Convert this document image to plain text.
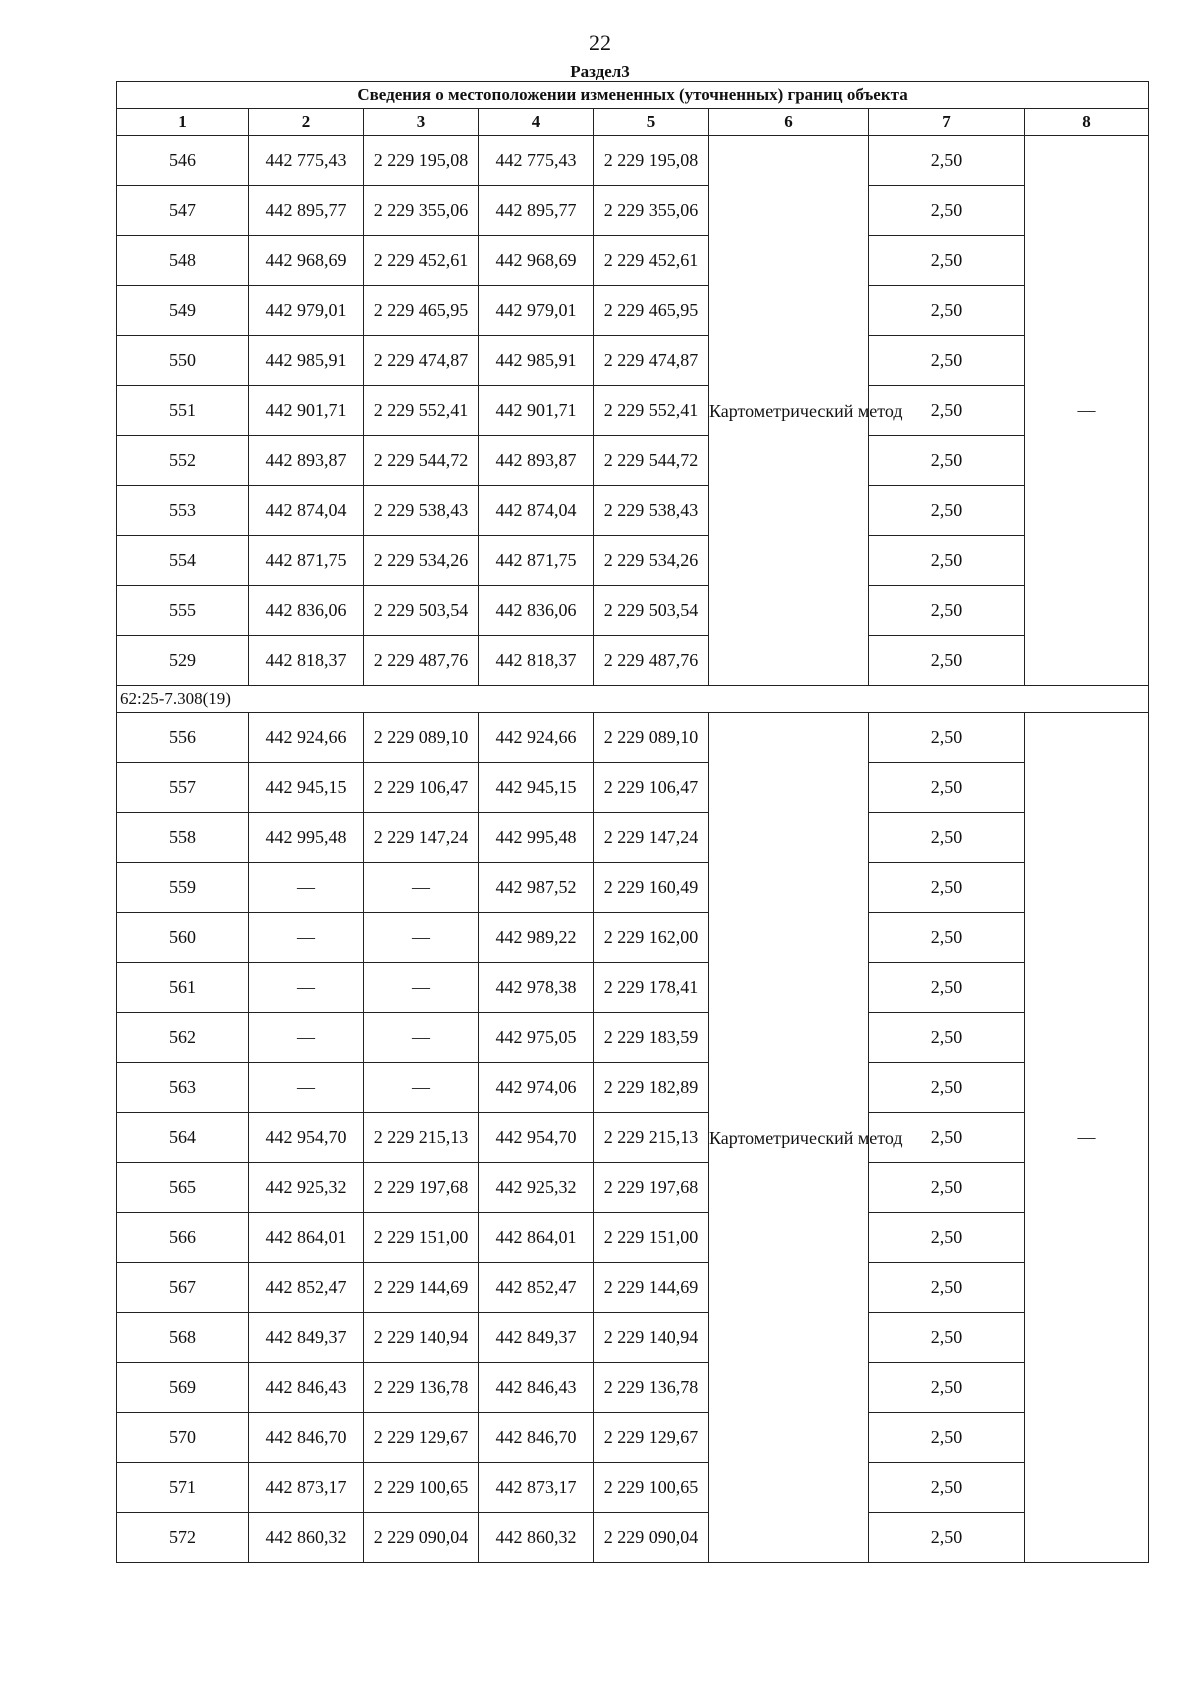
22
Раздел3
Сведения о местоположении измененных (уточненных) границ объекта							
1	2	3	4	5	6	7	8
546	442 775,43	2 229 195,08	442 775,43	2 229 195,08	Картометрический метод	2,50	—
547	442 895,77	2 229 355,06	442 895,77	2 229 355,06		2,50	
548	442 968,69	2 229 452,61	442 968,69	2 229 452,61		2,50	
549	442 979,01	2 229 465,95	442 979,01	2 229 465,95		2,50	
550	442 985,91	2 229 474,87	442 985,91	2 229 474,87		2,50	
551	442 901,71	2 229 552,41	442 901,71	2 229 552,41		2,50	
552	442 893,87	2 229 544,72	442 893,87	2 229 544,72		2,50	
553	442 874,04	2 229 538,43	442 874,04	2 229 538,43		2,50	
554	442 871,75	2 229 534,26	442 871,75	2 229 534,26		2,50	
555	442 836,06	2 229 503,54	442 836,06	2 229 503,54		2,50	
529	442 818,37	2 229 487,76	442 818,37	2 229 487,76		2,50	
62:25-7.308(19)							
556	442 924,66	2 229 089,10	442 924,66	2 229 089,10	Картометрический метод	2,50	—
557	442 945,15	2 229 106,47	442 945,15	2 229 106,47		2,50	
558	442 995,48	2 229 147,24	442 995,48	2 229 147,24		2,50	
559	—	—	442 987,52	2 229 160,49		2,50	
560	—	—	442 989,22	2 229 162,00		2,50	
561	—	—	442 978,38	2 229 178,41		2,50	
562	—	—	442 975,05	2 229 183,59		2,50	
563	—	—	442 974,06	2 229 182,89		2,50	
564	442 954,70	2 229 215,13	442 954,70	2 229 215,13		2,50	
565	442 925,32	2 229 197,68	442 925,32	2 229 197,68		2,50	
566	442 864,01	2 229 151,00	442 864,01	2 229 151,00		2,50	
567	442 852,47	2 229 144,69	442 852,47	2 229 144,69		2,50	
568	442 849,37	2 229 140,94	442 849,37	2 229 140,94		2,50	
569	442 846,43	2 229 136,78	442 846,43	2 229 136,78		2,50	
570	442 846,70	2 229 129,67	442 846,70	2 229 129,67		2,50	
571	442 873,17	2 229 100,65	442 873,17	2 229 100,65		2,50	
572	442 860,32	2 229 090,04	442 860,32	2 229 090,04		2,50	
